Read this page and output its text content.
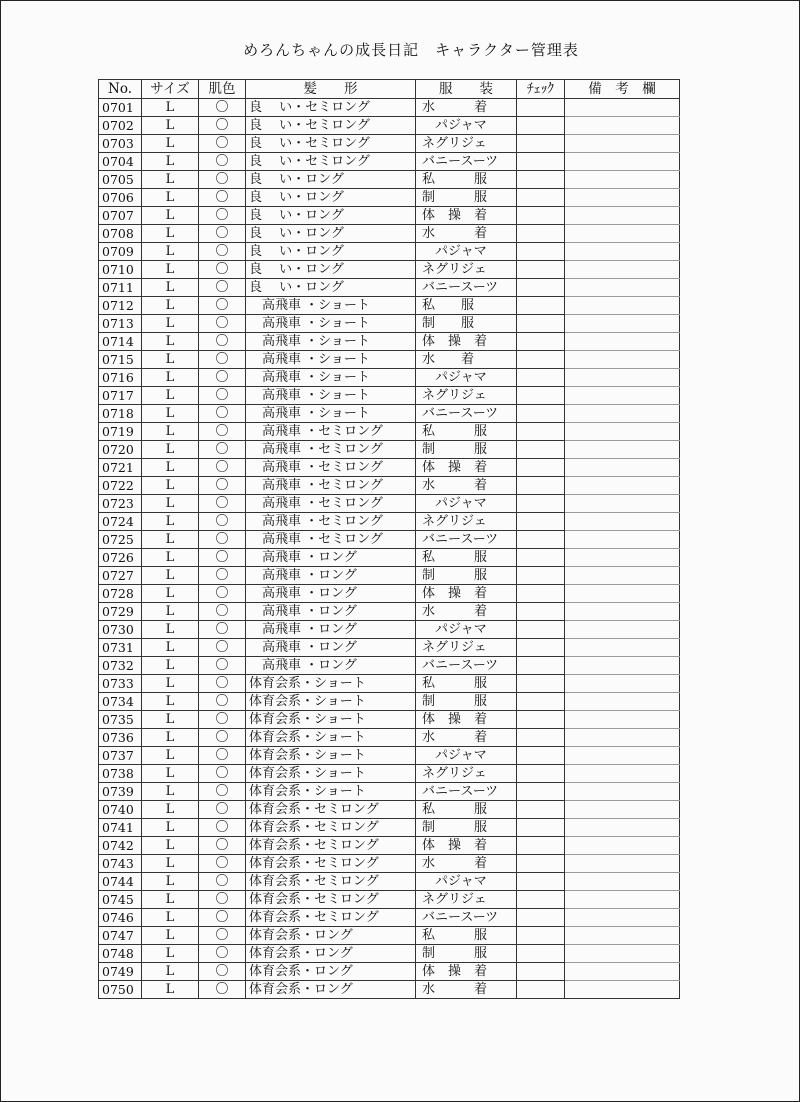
めろんちゃんの成長日記　キャラクター管理表
No.	サイズ	肌色	髪　　形	服　　装	ﾁｪｯｸ	備　考　欄
0701	L	〇	良　 い・セミロング	水　　　着		
0702	L	〇	良　 い・セミロング	　パジャマ		
0703	L	〇	良　 い・セミロング	ネグリジェ		
0704	L	〇	良　 い・セミロング	バニースーツ		
0705	L	〇	良　 い・ロング	私　　　服		
0706	L	〇	良　 い・ロング	制　　　服		
0707	L	〇	良　 い・ロング	体　操　着		
0708	L	〇	良　 い・ロング	水　　　着		
0709	L	〇	良　 い・ロング	　パジャマ		
0710	L	〇	良　 い・ロング	ネグリジェ		
0711	L	〇	良　 い・ロング	バニースーツ		
0712	L	〇	　高飛車 ・ショート	私　　服		
0713	L	〇	　高飛車 ・ショート	制　　服		
0714	L	〇	　高飛車 ・ショート	体　操　着		
0715	L	〇	　高飛車 ・ショート	水　　着		
0716	L	〇	　高飛車 ・ショート	　パジャマ		
0717	L	〇	　高飛車 ・ショート	ネグリジェ		
0718	L	〇	　高飛車 ・ショート	バニースーツ		
0719	L	〇	　高飛車 ・セミロング	私　　　服		
0720	L	〇	　高飛車 ・セミロング	制　　　服		
0721	L	〇	　高飛車 ・セミロング	体　操　着		
0722	L	〇	　高飛車 ・セミロング	水　　　着		
0723	L	〇	　高飛車 ・セミロング	　パジャマ		
0724	L	〇	　高飛車 ・セミロング	ネグリジェ		
0725	L	〇	　高飛車 ・セミロング	バニースーツ		
0726	L	〇	　高飛車 ・ロング	私　　　服		
0727	L	〇	　高飛車 ・ロング	制　　　服		
0728	L	〇	　高飛車 ・ロング	体　操　着		
0729	L	〇	　高飛車 ・ロング	水　　　着		
0730	L	〇	　高飛車 ・ロング	　パジャマ		
0731	L	〇	　高飛車 ・ロング	ネグリジェ		
0732	L	〇	　高飛車 ・ロング	バニースーツ		
0733	L	〇	体育会系・ショート	私　　　服		
0734	L	〇	体育会系・ショート	制　　　服		
0735	L	〇	体育会系・ショート	体　操　着		
0736	L	〇	体育会系・ショート	水　　　着		
0737	L	〇	体育会系・ショート	　パジャマ		
0738	L	〇	体育会系・ショート	ネグリジェ		
0739	L	〇	体育会系・ショート	バニースーツ		
0740	L	〇	体育会系・セミロング	私　　　服		
0741	L	〇	体育会系・セミロング	制　　　服		
0742	L	〇	体育会系・セミロング	体　操　着		
0743	L	〇	体育会系・セミロング	水　　　着		
0744	L	〇	体育会系・セミロング	　パジャマ		
0745	L	〇	体育会系・セミロング	ネグリジェ		
0746	L	〇	体育会系・セミロング	バニースーツ		
0747	L	〇	体育会系・ロング	私　　　服		
0748	L	〇	体育会系・ロング	制　　　服		
0749	L	〇	体育会系・ロング	体　操　着		
0750	L	〇	体育会系・ロング	水　　　着		
